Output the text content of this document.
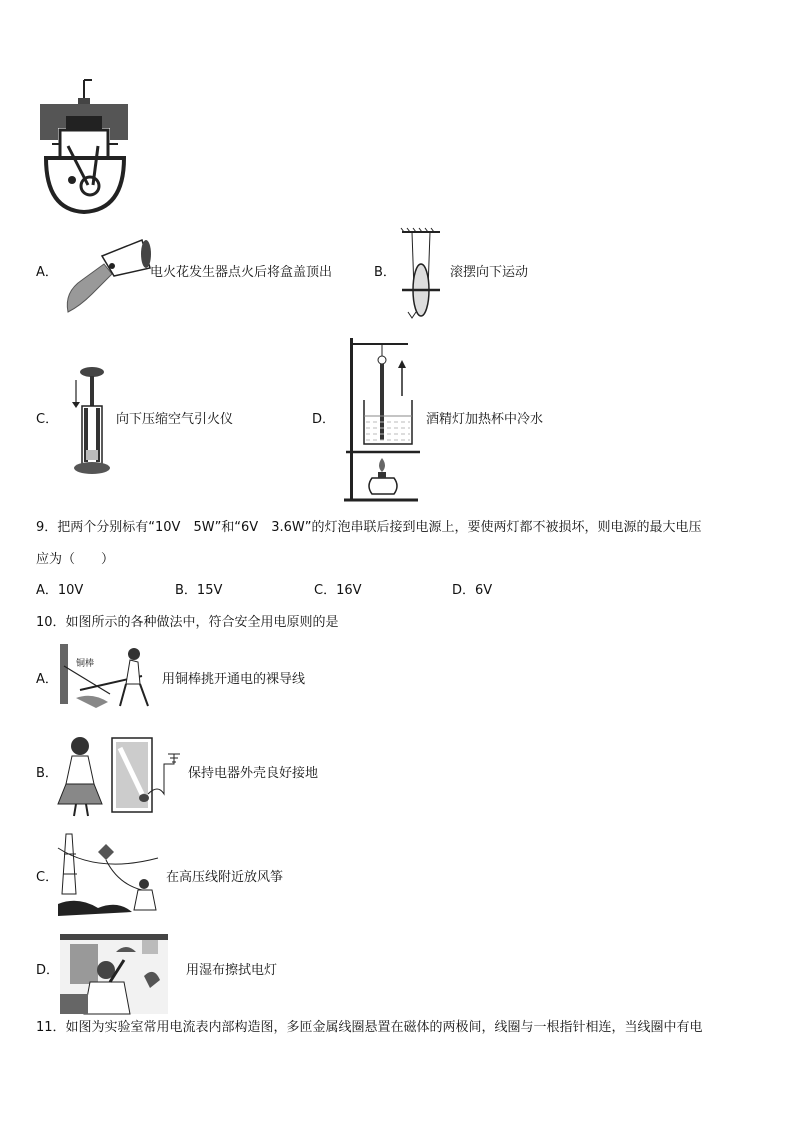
A．	电火花发生器点火后将盒盖顶出	B．	滚摆向下运动
C．	向下压缩空气引火仪	D．	酒精灯加热杯中冷水
9．把两个分别标有“10V　5W”和“6V　3.6W”的灯泡串联后接到电源上，要使两灯都不被损坏，则电源的最大电压
应为（　　）
A．10V	B．15V	C．16V	D．6V
10．如图所示的各种做法中，符合安全用电原则的是
A．
铜棒
用铜棒挑开通电的裸导线
B．	保持电器外壳良好接地
C．	在高压线附近放风筝
D．	用湿布擦拭电灯
11．如图为实验室常用电流表内部构造图，多匝金属线圈悬置在磁体的两极间，线圈与一根指针相连，当线圈中有电
